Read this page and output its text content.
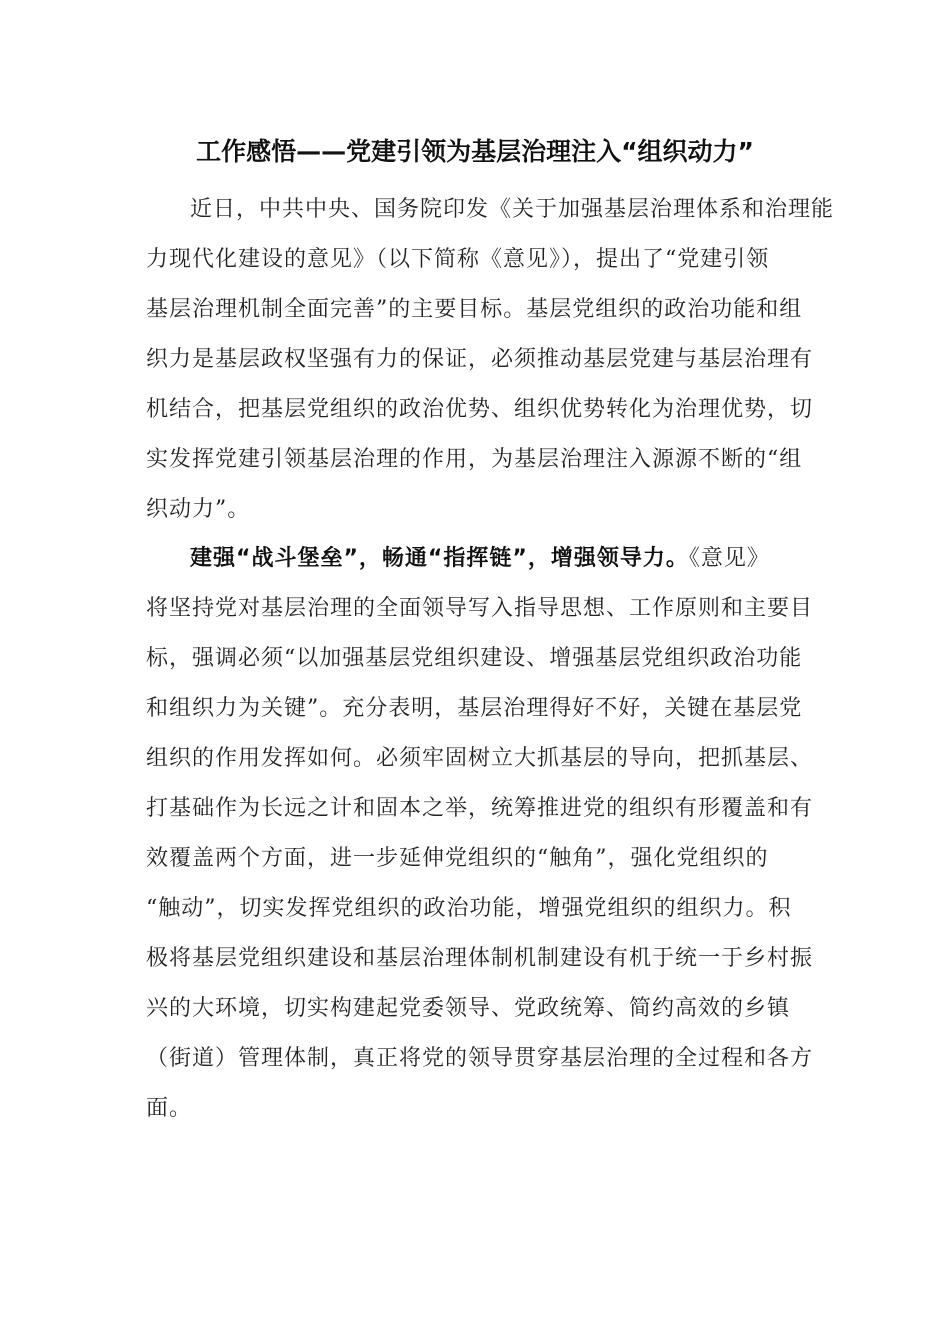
工作感悟——党建引领为基层治理注入“组织动力”
近日，中共中央、国务院印发《关于加强基层治理体系和治理能
力现代化建设的意见》（以下简称《意见》），提出了“党建引领
基层治理机制全面完善”的主要目标。基层党组织的政治功能和组
织力是基层政权坚强有力的保证，必须推动基层党建与基层治理有
机结合，把基层党组织的政治优势、组织优势转化为治理优势，切
实发挥党建引领基层治理的作用，为基层治理注入源源不断的“组
织动力”。
建强“战斗堡垒”，畅通“指挥链”，增强领导力。《意见》
将坚持党对基层治理的全面领导写入指导思想、工作原则和主要目
标，强调必须“以加强基层党组织建设、增强基层党组织政治功能
和组织力为关键”。充分表明，基层治理得好不好，关键在基层党
组织的作用发挥如何。必须牢固树立大抓基层的导向，把抓基层、
打基础作为长远之计和固本之举，统筹推进党的组织有形覆盖和有
效覆盖两个方面，进一步延伸党组织的“触角”，强化党组织的
“触动”，切实发挥党组织的政治功能，增强党组织的组织力。积
极将基层党组织建设和基层治理体制机制建设有机于统一于乡村振
兴的大环境，切实构建起党委领导、党政统筹、简约高效的乡镇
（街道）管理体制，真正将党的领导贯穿基层治理的全过程和各方
面。
